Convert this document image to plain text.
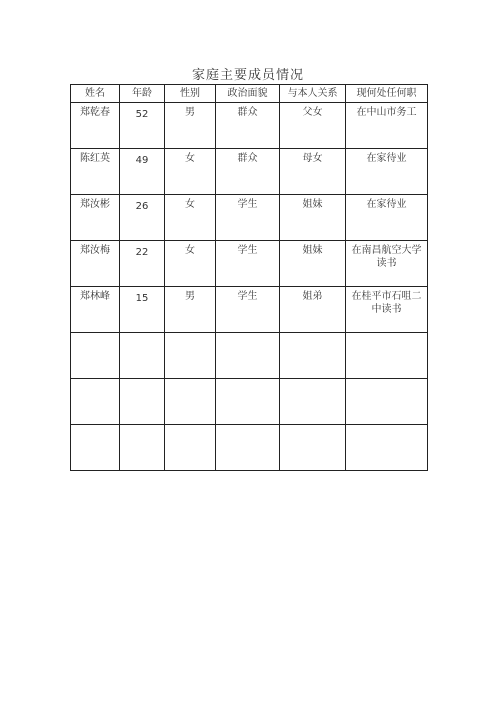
家庭主要成员情况
姓名	年龄	性别	政治面貌	与本人关系	现何处任何职
郑乾春	52	男	群众	父女	在中山市务工
陈红英	49	女	群众	母女	在家待业
郑汝彬	26	女	学生	姐妹	在家待业
郑汝梅	22	女	学生	姐妹	在南昌航空大学读书
郑林峰	15	男	学生	姐弟	在桂平市石咀二中读书
